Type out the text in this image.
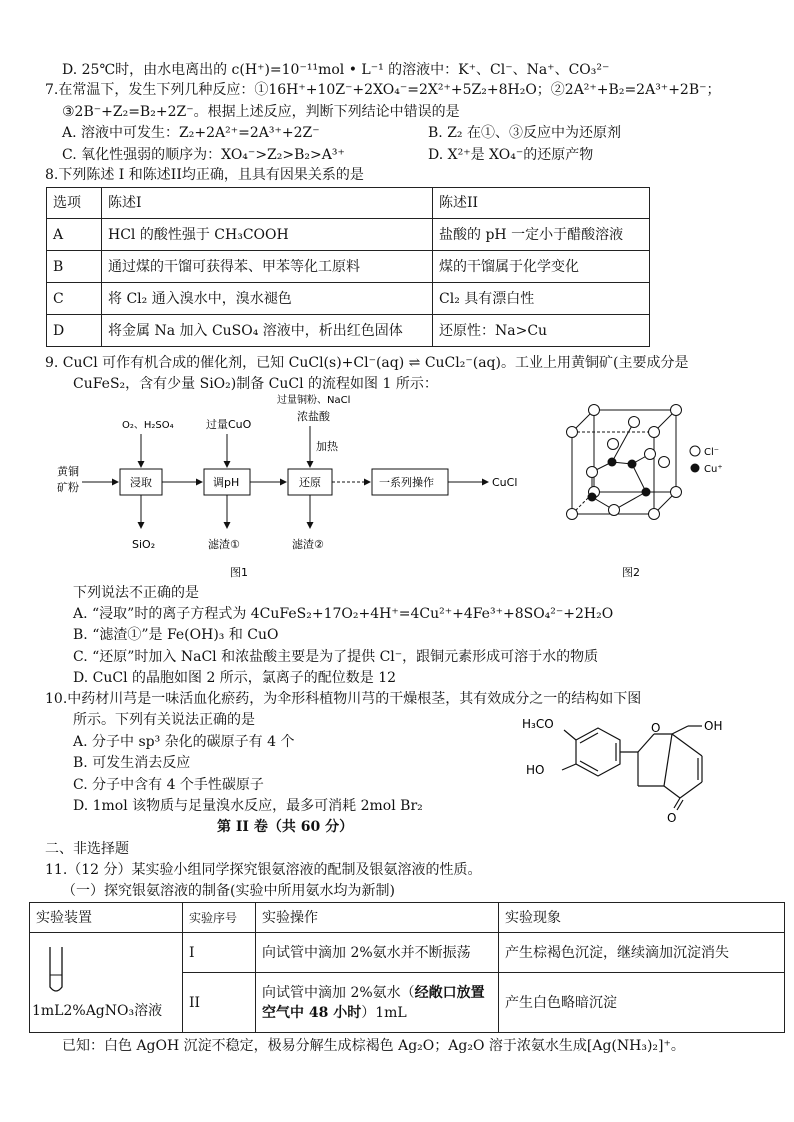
D. 25℃时，由水电离出的 c(H⁺)=10⁻¹¹mol • L⁻¹ 的溶液中：K⁺、Cl⁻、Na⁺、CO₃²⁻
7.在常温下，发生下列几种反应：①16H⁺+10Z⁻+2XO₄⁻=2X²⁺+5Z₂+8H₂O；②2A²⁺+B₂=2A³⁺+2B⁻；
③2B⁻+Z₂=B₂+2Z⁻。根据上述反应，判断下列结论中错误的是
A. 溶液中可发生：Z₂+2A²⁺=2A³⁺+2Z⁻	B. Z₂ 在①、③反应中为还原剂
C. 氧化性强弱的顺序为：XO₄⁻>Z₂>B₂>A³⁺	D. X²⁺是 XO₄⁻的还原产物
8.下列陈述 I 和陈述II均正确，且具有因果关系的是
选项	陈述I	陈述II
A	HCl 的酸性强于 CH₃COOH	盐酸的 pH 一定小于醋酸溶液
B	通过煤的干馏可获得苯、甲苯等化工原料	煤的干馏属于化学变化
C	将 Cl₂ 通入溴水中，溴水褪色	Cl₂ 具有漂白性
D	将金属 Na 加入 CuSO₄ 溶液中，析出红色固体	还原性：Na>Cu
9. CuCl 可作有机合成的催化剂，已知 CuCl(s)+Cl⁻(aq) ⇌ CuCl₂⁻(aq)。工业上用黄铜矿(主要成分是
CuFeS₂，含有少量 SiO₂)制备 CuCl 的流程如图 1 所示：
黄铜
矿粉	浸取
O₂、H₂SO₄
调pH
过量CuO
还原
过量铜粉、NaCl
浓盐酸
加热
一系列操作	CuCl
SiO₂	滤渣①	滤渣②
图1
Cl⁻
Cu⁺
图2
下列说法不正确的是
A. “浸取”时的离子方程式为 4CuFeS₂+17O₂+4H⁺=4Cu²⁺+4Fe³⁺+8SO₄²⁻+2H₂O
B. “滤渣①”是 Fe(OH)₃ 和 CuO
C. “还原”时加入 NaCl 和浓盐酸主要是为了提供 Cl⁻，跟铜元素形成可溶于水的物质
D. CuCl 的晶胞如图 2 所示，氯离子的配位数是 12
10.中药材川芎是一味活血化瘀药，为伞形科植物川芎的干燥根茎，其有效成分之一的结构如下图
所示。下列有关说法正确的是
A. 分子中 sp³ 杂化的碳原子有 4 个
B. 可发生消去反应
C. 分子中含有 4 个手性碳原子
D. 1mol 该物质与足量溴水反应，最多可消耗 2mol Br₂
H₃CO
HO
O	OH
O
第 II 卷（共 60 分）
二、非选择题
11.（12 分）某实验小组同学探究银氨溶液的配制及银氨溶液的性质。
（一）探究银氨溶液的制备(实验中所用氨水均为新制)
实验装置	实验序号	实验操作	实验现象

1mL2%AgNO₃溶液	I	向试管中滴加 2%氨水并不断振荡	产生棕褐色沉淀，继续滴加沉淀消失
	II	向试管中滴加 2%氨水（经敞口放置空气中 48 小时）1mL	产生白色略暗沉淀
已知：白色 AgOH 沉淀不稳定，极易分解生成棕褐色 Ag₂O；Ag₂O 溶于浓氨水生成[Ag(NH₃)₂]⁺。
